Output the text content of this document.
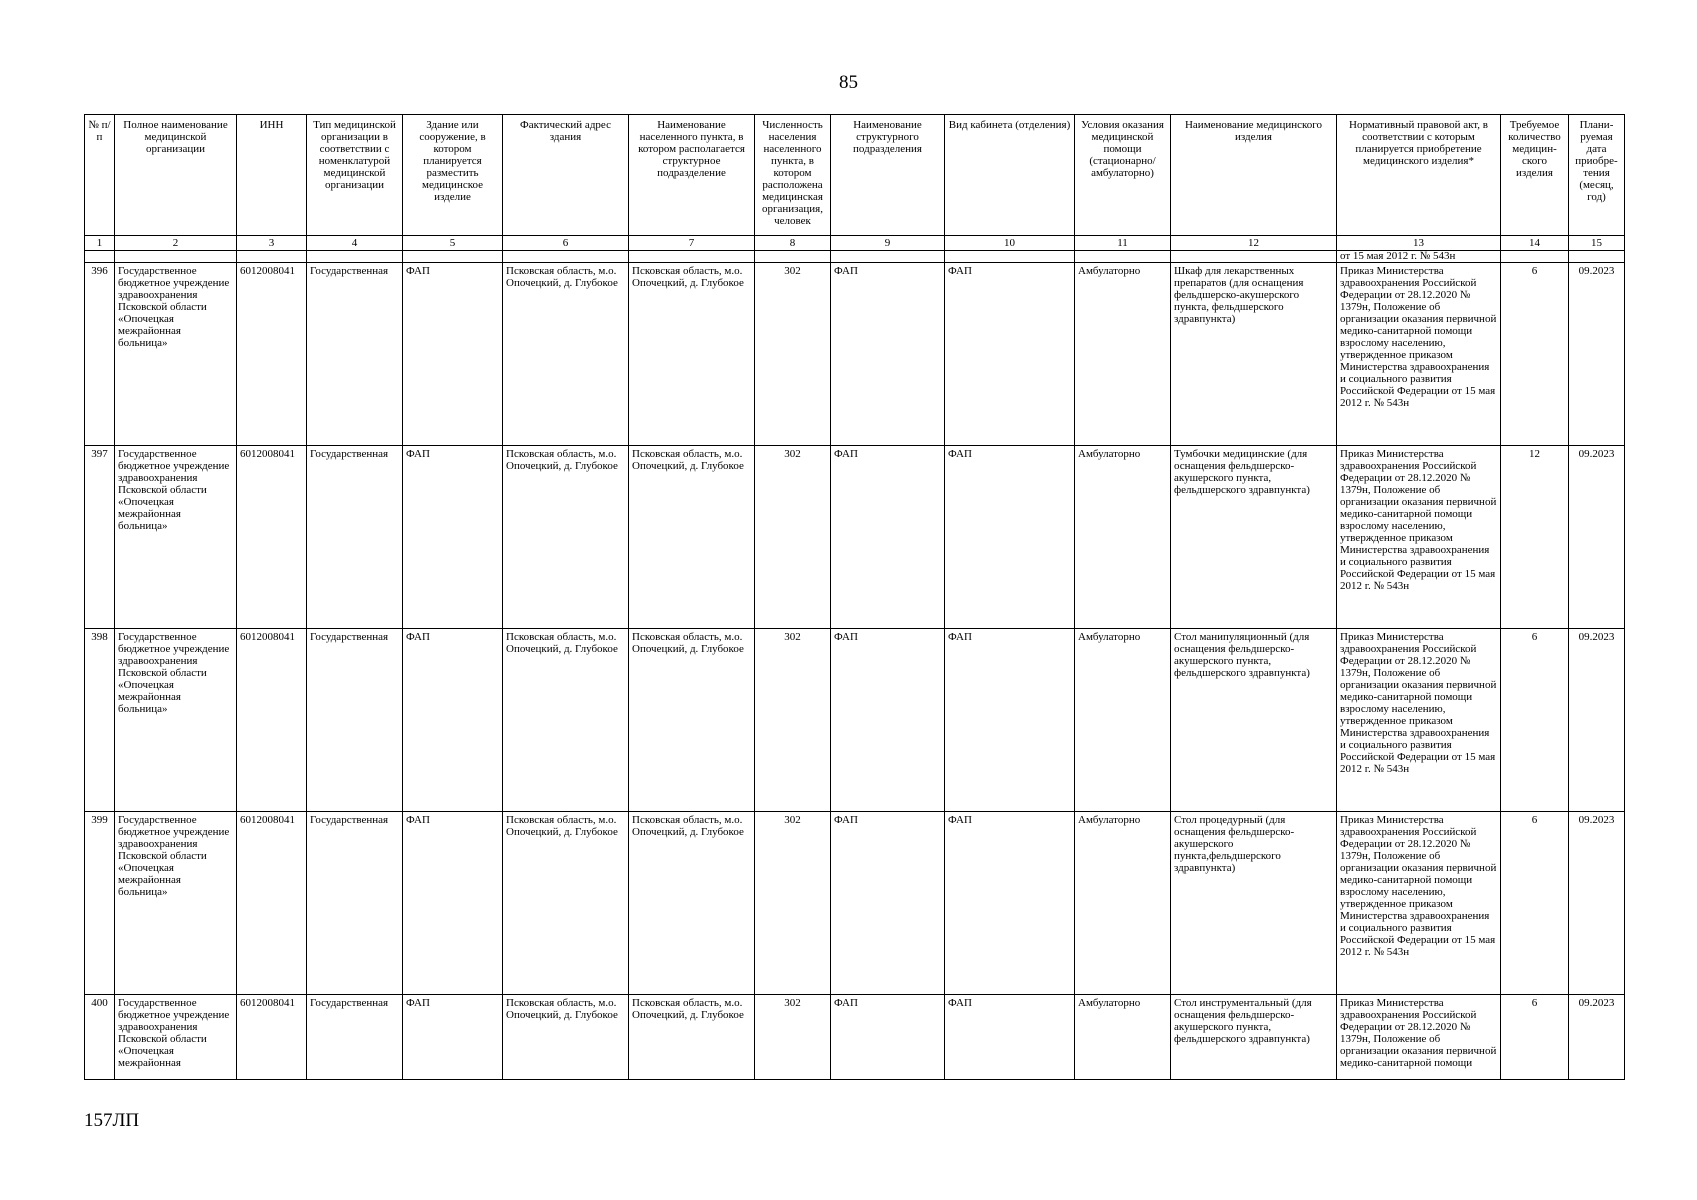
85
№ п/п	Полное наименование медицинской организации	ИНН	Тип медицинской организации в соответствии с номенклатурой медицинской организации	Здание или сооружение, в котором планируется разместить медицинское изделие	Фактический адрес здания	Наименование населенного пункта, в котором располагается структурное подразделение	Численность населения населенного пункта, в котором расположена медицинская организация, человек	Наименование структурного подразделения	Вид кабинета (отделения)	Условия оказания медицинской помощи (стационарно/ амбулаторно)	Наименование медицинского изделия	Нормативный правовой акт, в соответствии с которым планируется приобретение медицинского изделия*	Требуемое количество медицин-ского изделия	Плани-руемая дата приобре-тения (месяц, год)
1	2	3	4	5	6	7	8	9	10	11	12	13	14	15
												от 15 мая 2012 г. № 543н		
396	Государственное бюджетное учреждение здравоохранения Псковской области «Опочецкая межрайонная больница»	6012008041	Государственная	ФАП	Псковская область, м.о. Опочецкий, д. Глубокое	Псковская область, м.о. Опочецкий, д. Глубокое	302	ФАП	ФАП	Амбулаторно	Шкаф для лекарственных препаратов (для оснащения фельдшерско-акушерского пункта, фельдшерского здравпункта)	Приказ Министерства здравоохранения Российской Федерации от 28.12.2020 № 1379н, Положение об организации оказания первичной медико-санитарной помощи взрослому населению, утвержденное приказом Министерства здравоохранения и социального развития Российской Федерации от 15 мая 2012 г. № 543н	6	09.2023
397	Государственное бюджетное учреждение здравоохранения Псковской области «Опочецкая межрайонная больница»	6012008041	Государственная	ФАП	Псковская область, м.о. Опочецкий, д. Глубокое	Псковская область, м.о. Опочецкий, д. Глубокое	302	ФАП	ФАП	Амбулаторно	Тумбочки медицинские (для оснащения фельдшерско-акушерского пункта, фельдшерского здравпункта)	Приказ Министерства здравоохранения Российской Федерации от 28.12.2020 № 1379н, Положение об организации оказания первичной медико-санитарной помощи взрослому населению, утвержденное приказом Министерства здравоохранения и социального развития Российской Федерации от 15 мая 2012 г. № 543н	12	09.2023
398	Государственное бюджетное учреждение здравоохранения Псковской области «Опочецкая межрайонная больница»	6012008041	Государственная	ФАП	Псковская область, м.о. Опочецкий, д. Глубокое	Псковская область, м.о. Опочецкий, д. Глубокое	302	ФАП	ФАП	Амбулаторно	Стол манипуляционный (для оснащения фельдшерско-акушерского пункта, фельдшерского здравпункта)	Приказ Министерства здравоохранения Российской Федерации от 28.12.2020 № 1379н, Положение об организации оказания первичной медико-санитарной помощи взрослому населению, утвержденное приказом Министерства здравоохранения и социального развития Российской Федерации от 15 мая 2012 г. № 543н	6	09.2023
399	Государственное бюджетное учреждение здравоохранения Псковской области «Опочецкая межрайонная больница»	6012008041	Государственная	ФАП	Псковская область, м.о. Опочецкий, д. Глубокое	Псковская область, м.о. Опочецкий, д. Глубокое	302	ФАП	ФАП	Амбулаторно	Стол процедурный (для оснащения фельдшерско-акушерского пункта,фельдшерского здравпункта)	Приказ Министерства здравоохранения Российской Федерации от 28.12.2020 № 1379н, Положение об организации оказания первичной медико-санитарной помощи взрослому населению, утвержденное приказом Министерства здравоохранения и социального развития Российской Федерации от 15 мая 2012 г. № 543н	6	09.2023
400	Государственное бюджетное учреждение здравоохранения Псковской области «Опочецкая межрайонная	6012008041	Государственная	ФАП	Псковская область, м.о. Опочецкий, д. Глубокое	Псковская область, м.о. Опочецкий, д. Глубокое	302	ФАП	ФАП	Амбулаторно	Стол инструментальный (для оснащения фельдшерско-акушерского пункта, фельдшерского здравпункта)	Приказ Министерства здравоохранения Российской Федерации от 28.12.2020 № 1379н, Положение об организации оказания первичной медико-санитарной помощи	6	09.2023
157ЛП
